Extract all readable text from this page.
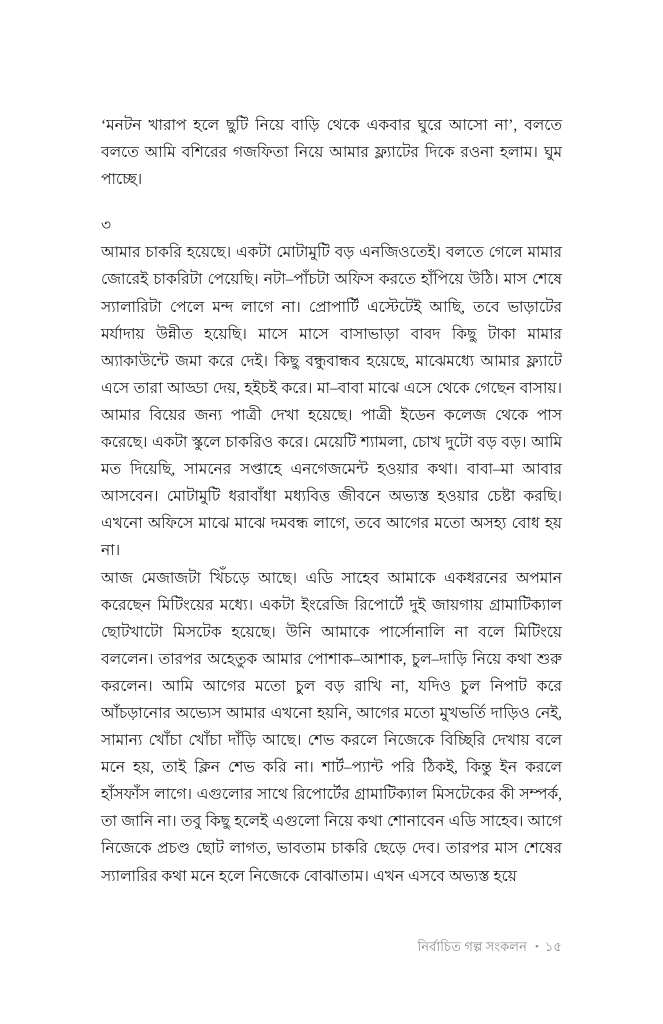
‘মনটন খারাপ হলে ছুটি নিয়ে বাড়ি থেকে একবার ঘুরে আসো না’, বলতে বলতে আমি বশিরের গজফিতা নিয়ে আমার ফ্ল্যাটের দিকে রওনা হলাম। ঘুম পাচ্ছে।

৩

আমার চাকরি হয়েছে। একটা মোটামুটি বড় এনজিওতেই। বলতে গেলে মামার জোরেই চাকরিটা পেয়েছি। নটা–পাঁচটা অফিস করতে হাঁপিয়ে উঠি। মাস শেষে স্যালারিটা পেলে মন্দ লাগে না। প্রোপার্টি এস্টেটেই আছি, তবে ভাড়াটের মর্যাদায় উন্নীত হয়েছি। মাসে মাসে বাসাভাড়া বাবদ কিছু টাকা মামার অ্যাকাউন্টে জমা করে দেই। কিছু বন্ধুবান্ধব হয়েছে, মাঝেমধ্যে আমার ফ্ল্যাটে এসে তারা আড্ডা দেয়, হইচই করে। মা–বাবা মাঝে এসে থেকে গেছেন বাসায়। আমার বিয়ের জন্য পাত্রী দেখা হয়েছে। পাত্রী ইডেন কলেজ থেকে পাস করেছে। একটা স্কুলে চাকরিও করে। মেয়েটি শ্যামলা, চোখ দুটো বড় বড়। আমি মত দিয়েছি, সামনের সপ্তাহে এনগেজমেন্ট হওয়ার কথা। বাবা–মা আবার আসবেন। মোটামুটি ধরাবাঁধা মধ্যবিত্ত জীবনে অভ্যস্ত হওয়ার চেষ্টা করছি। এখনো অফিসে মাঝে মাঝে দমবন্ধ লাগে, তবে আগের মতো অসহ্য বোধ হয় না।

আজ মেজাজটা খিঁচড়ে আছে। এডি সাহেব আমাকে একধরনের অপমান করেছেন মিটিংয়ের মধ্যে। একটা ইংরেজি রিপোর্টে দুই জায়গায় গ্রামাটিক্যাল ছোটখাটো মিসটেক হয়েছে। উনি আমাকে পার্সোনালি না বলে মিটিংয়ে বললেন। তারপর অহেতুক আমার পোশাক–আশাক, চুল–দাড়ি নিয়ে কথা শুরু করলেন। আমি আগের মতো চুল বড় রাখি না, যদিও চুল নিপাট করে আঁচড়ানোর অভ্যেস আমার এখনো হয়নি, আগের মতো মুখভর্তি দাড়িও নেই, সামান্য খোঁচা খোঁচা দাঁড়ি আছে। শেভ করলে নিজেকে বিচ্ছিরি দেখায় বলে মনে হয়, তাই ক্লিন শেভ করি না। শার্ট–প্যান্ট পরি ঠিকই, কিন্তু ইন করলে হাঁসফাঁস লাগে। এগুলোর সাথে রিপোর্টের গ্রামাটিক্যাল মিসটেকের কী সম্পর্ক, তা জানি না। তবু কিছু হলেই এগুলো নিয়ে কথা শোনাবেন এডি সাহেব। আগে নিজেকে প্রচণ্ড ছোট লাগত, ভাবতাম চাকরি ছেড়ে দেব। তারপর মাস শেষের স্যালারির কথা মনে হলে নিজেকে বোঝাতাম। এখন এসবে অভ্যস্ত হয়ে

নির্বাচিত গল্প সংকলন • ১৫
